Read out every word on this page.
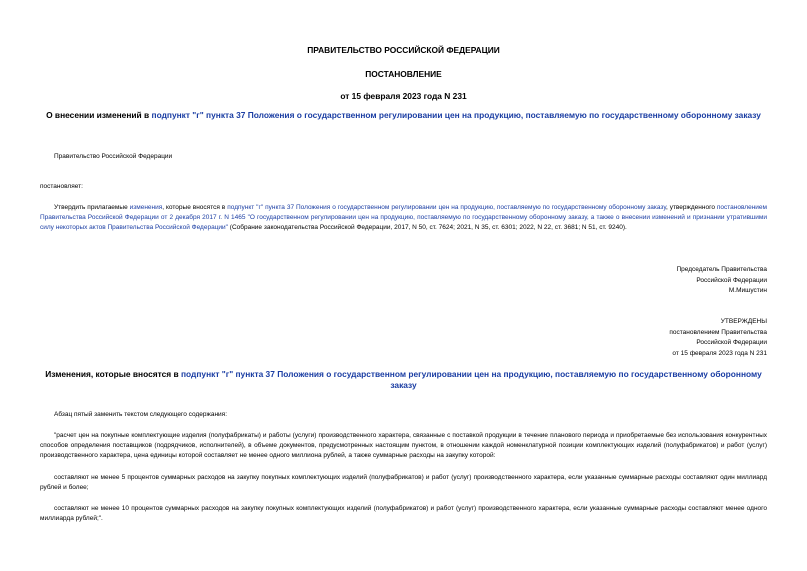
ПРАВИТЕЛЬСТВО РОССИЙСКОЙ ФЕДЕРАЦИИ
ПОСТАНОВЛЕНИЕ
от 15 февраля 2023 года N 231
О внесении изменений в подпункт "г" пункта 37 Положения о государственном регулировании цен на продукцию, поставляемую по государственному оборонному заказу
Правительство Российской Федерации
постановляет:
Утвердить прилагаемые изменения, которые вносятся в подпункт "г" пункта 37 Положения о государственном регулировании цен на продукцию, поставляемую по государственному оборонному заказу, утвержденного постановлением Правительства Российской Федерации от 2 декабря 2017 г. N 1465 "О государственном регулировании цен на продукцию, поставляемую по государственному оборонному заказу, а также о внесении изменений и признании утратившими силу некоторых актов Правительства Российской Федерации" (Собрание законодательства Российской Федерации, 2017, N 50, ст. 7624; 2021, N 35, ст. 6301; 2022, N 22, ст. 3681; N 51, ст. 9240).
Председатель Правительства
Российской Федерации
М.Мишустин
УТВЕРЖДЕНЫ
постановлением Правительства
Российской Федерации
от 15 февраля 2023 года N 231
Изменения, которые вносятся в подпункт "г" пункта 37 Положения о государственном регулировании цен на продукцию, поставляемую по государственному оборонному заказу
Абзац пятый заменить текстом следующего содержания:
"расчет цен на покупные комплектующие изделия (полуфабрикаты) и работы (услуги) производственного характера, связанные с поставкой продукции в течение планового периода и приобретаемые без использования конкурентных способов определения поставщиков (подрядчиков, исполнителей), в объеме документов, предусмотренных настоящим пунктом, в отношении каждой номенклатурной позиции комплектующих изделий (полуфабрикатов) и работ (услуг) производственного характера, цена единицы которой составляет не менее одного миллиона рублей, а также суммарные расходы на закупку которой:
составляют не менее 5 процентов суммарных расходов на закупку покупных комплектующих изделий (полуфабрикатов) и работ (услуг) производственного характера, если указанные суммарные расходы составляют один миллиард рублей и более;
составляют не менее 10 процентов суммарных расходов на закупку покупных комплектующих изделий (полуфабрикатов) и работ (услуг) производственного характера, если указанные суммарные расходы составляют менее одного миллиарда рублей;".
